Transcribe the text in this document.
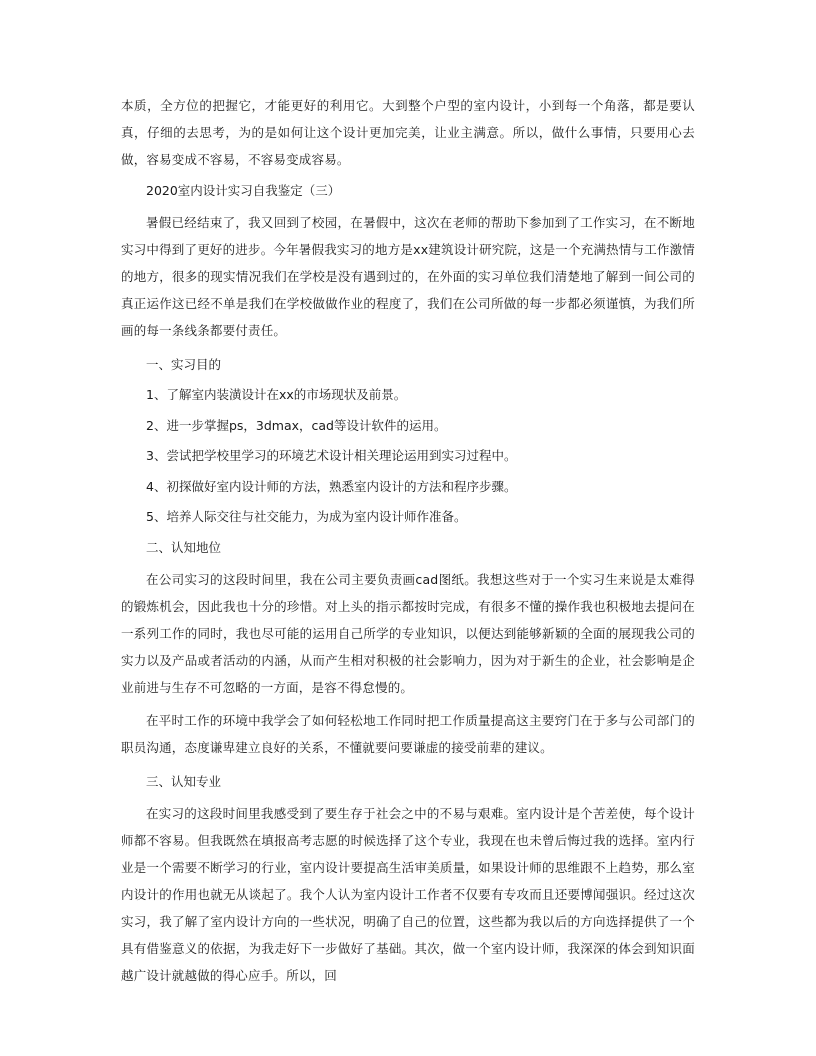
本质，全方位的把握它，才能更好的利用它。大到整个户型的室内设计，小到每一个角落，都是要认真，仔细的去思考，为的是如何让这个设计更加完美，让业主满意。所以，做什么事情，只要用心去做，容易变成不容易，不容易变成容易。

2020室内设计实习自我鉴定（三）

暑假已经结束了，我又回到了校园，在暑假中，这次在老师的帮助下参加到了工作实习，在不断地实习中得到了更好的进步。今年暑假我实习的地方是xx建筑设计研究院，这是一个充满热情与工作激情的地方，很多的现实情况我们在学校是没有遇到过的，在外面的实习单位我们清楚地了解到一间公司的真正运作这已经不单是我们在学校做做作业的程度了，我们在公司所做的每一步都必须谨慎，为我们所画的每一条线条都要付责任。

一、实习目的

1、了解室内装潢设计在xx的市场现状及前景。

2、进一步掌握ps，3dmax，cad等设计软件的运用。

3、尝试把学校里学习的环境艺术设计相关理论运用到实习过程中。

4、初探做好室内设计师的方法，熟悉室内设计的方法和程序步骤。

5、培养人际交往与社交能力，为成为室内设计师作准备。

二、认知地位

在公司实习的这段时间里，我在公司主要负责画cad图纸。我想这些对于一个实习生来说是太难得的锻炼机会，因此我也十分的珍惜。对上头的指示都按时完成，有很多不懂的操作我也积极地去提问在一系列工作的同时，我也尽可能的运用自己所学的专业知识，以便达到能够新颖的全面的展现我公司的实力以及产品或者活动的内涵，从而产生相对积极的社会影响力，因为对于新生的企业，社会影响是企业前进与生存不可忽略的一方面，是容不得怠慢的。

在平时工作的环境中我学会了如何轻松地工作同时把工作质量提高这主要窍门在于多与公司部门的职员沟通，态度谦卑建立良好的关系，不懂就要问要谦虚的接受前辈的建议。

三、认知专业

在实习的这段时间里我感受到了要生存于社会之中的不易与艰难。室内设计是个苦差使，每个设计师都不容易。但我既然在填报高考志愿的时候选择了这个专业，我现在也未曾后悔过我的选择。室内行业是一个需要不断学习的行业，室内设计要提高生活审美质量，如果设计师的思维跟不上趋势，那么室内设计的作用也就无从谈起了。我个人认为室内设计工作者不仅要有专攻而且还要博闻强识。经过这次实习，我了解了室内设计方向的一些状况，明确了自己的位置，这些都为我以后的方向选择提供了一个具有借鉴意义的依据，为我走好下一步做好了基础。其次，做一个室内设计师，我深深的体会到知识面越广设计就越做的得心应手。所以，回
